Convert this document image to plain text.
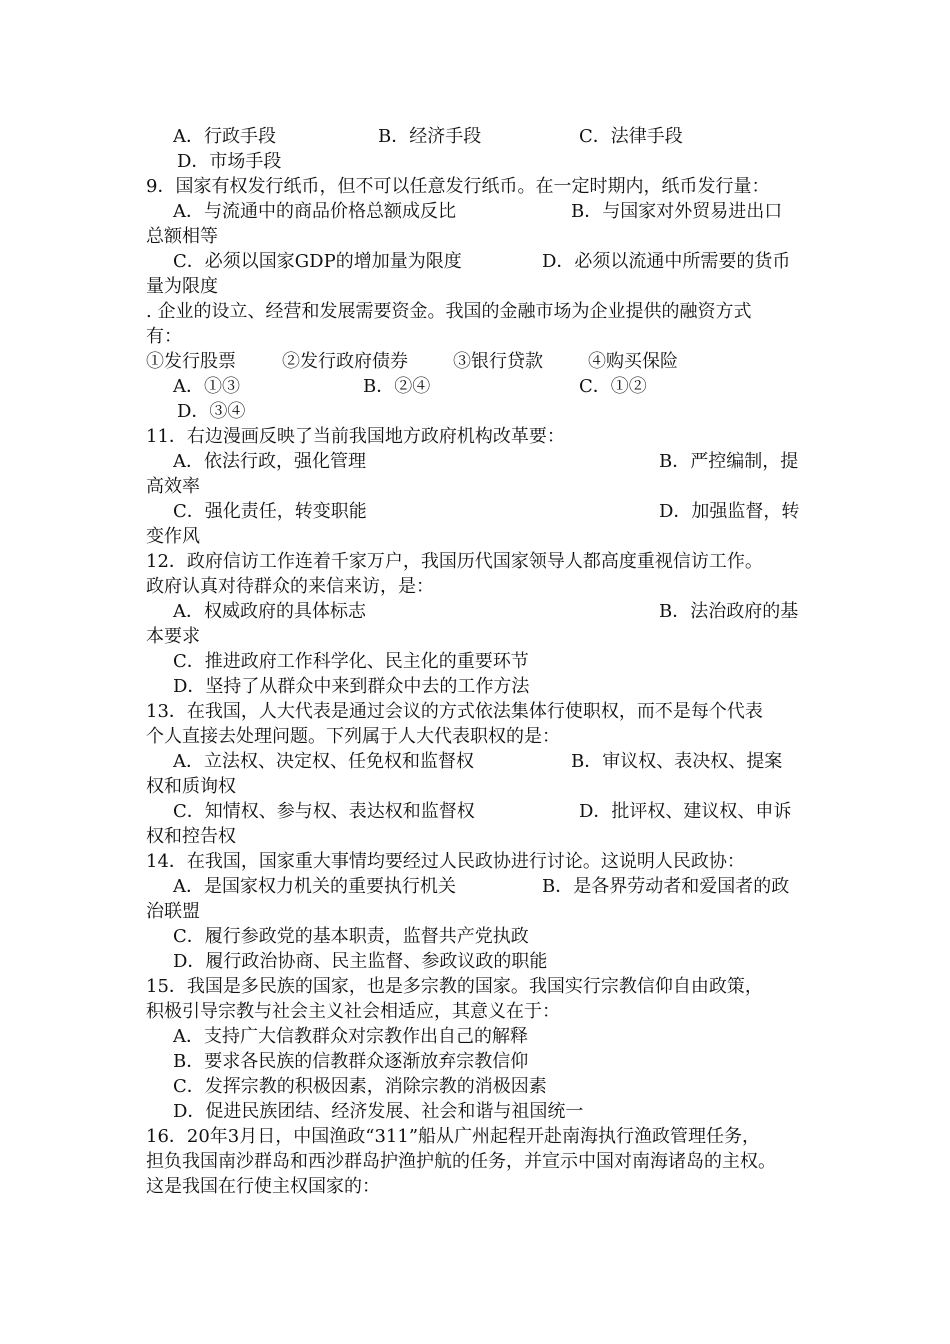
A．行政手段	B．经济手段	C．法律手段
D．市场手段
9．国家有权发行纸币，但不可以任意发行纸币。在一定时期内，纸币发行量：
A．与流通中的商品价格总额成反比	B．与国家对外贸易进出口
总额相等
C．必须以国家GDP的增加量为限度	D．必须以流通中所需要的货币
量为限度
. 企业的设立、经营和发展需要资金。我国的金融市场为企业提供的融资方式
有：
①发行股票	②发行政府债券	③银行贷款	④购买保险
A．①③	B．②④	C．①②
D．③④
11．右边漫画反映了当前我国地方政府机构改革要：
A．依法行政，强化管理	B．严控编制，提
高效率
C．强化责任，转变职能	D．加强监督，转
变作风
12．政府信访工作连着千家万户，我国历代国家领导人都高度重视信访工作。
政府认真对待群众的来信来访，是：
A．权威政府的具体标志	B．法治政府的基
本要求
C．推进政府工作科学化、民主化的重要环节
D．坚持了从群众中来到群众中去的工作方法
13．在我国，人大代表是通过会议的方式依法集体行使职权，而不是每个代表
个人直接去处理问题。下列属于人大代表职权的是：
A．立法权、决定权、任免权和监督权	B．审议权、表决权、提案
权和质询权
C．知情权、参与权、表达权和监督权	D．批评权、建议权、申诉
权和控告权
14．在我国，国家重大事情均要经过人民政协进行讨论。这说明人民政协：
A．是国家权力机关的重要执行机关	B．是各界劳动者和爱国者的政
治联盟
C．履行参政党的基本职责，监督共产党执政
D．履行政治协商、民主监督、参政议政的职能
15．我国是多民族的国家，也是多宗教的国家。我国实行宗教信仰自由政策，
积极引导宗教与社会主义社会相适应，其意义在于：
A．支持广大信教群众对宗教作出自己的解释
B．要求各民族的信教群众逐渐放弃宗教信仰
C．发挥宗教的积极因素，消除宗教的消极因素
D．促进民族团结、经济发展、社会和谐与祖国统一
16．20年3月日，中国渔政“311”船从广州起程开赴南海执行渔政管理任务，
担负我国南沙群岛和西沙群岛护渔护航的任务，并宣示中国对南海诸岛的主权。
这是我国在行使主权国家的：
